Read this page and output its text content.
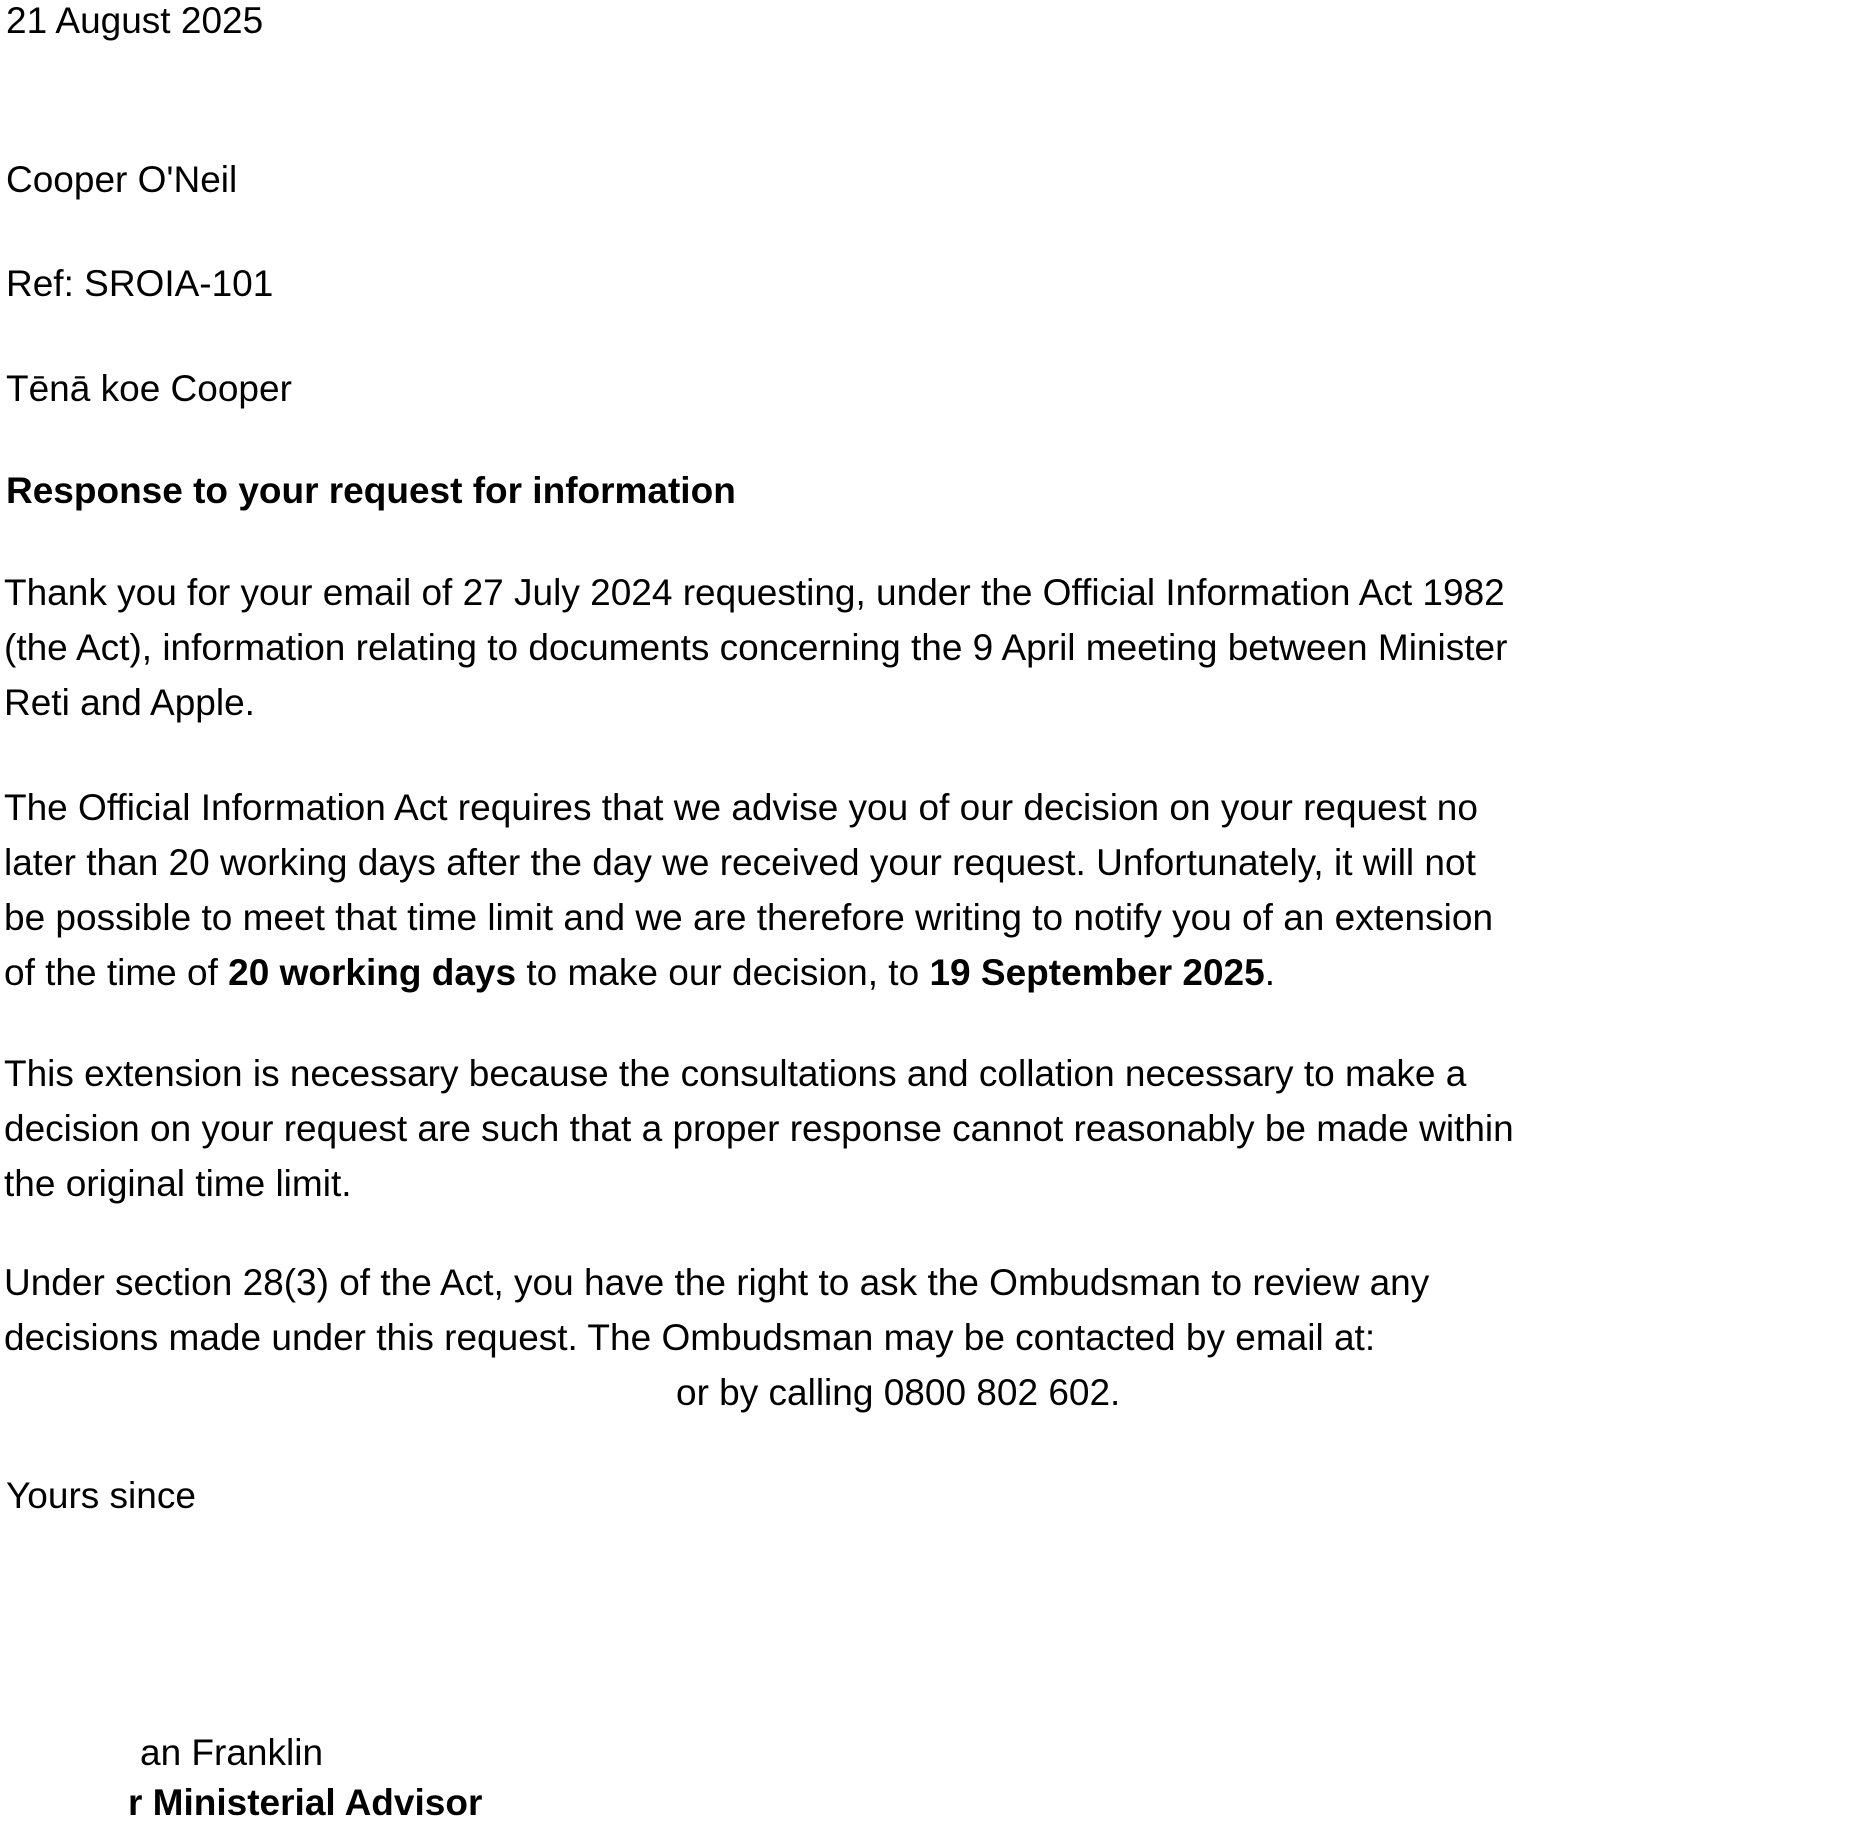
21 August 2025

Cooper O'Neil

Ref: SROIA-101

Tēnā koe Cooper

Response to your request for information

Thank you for your email of 27 July 2024 requesting, under the Official Information Act 1982
(the Act), information relating to documents concerning the 9 April meeting between Minister
Reti and Apple.
The Official Information Act requires that we advise you of our decision on your request no
later than 20 working days after the day we received your request. Unfortunately, it will not
be possible to meet that time limit and we are therefore writing to notify you of an extension
of the time of 20 working days to make our decision, to 19 September 2025.
This extension is necessary because the consultations and collation necessary to make a
decision on your request are such that a proper response cannot reasonably be made within
the original time limit.
Under section 28(3) of the Act, you have the right to ask the Ombudsman to review any
decisions made under this request. The Ombudsman may be contacted by email at:
or by calling 0800 802 602.

Yours since

an Franklin

r Ministerial Advisor
